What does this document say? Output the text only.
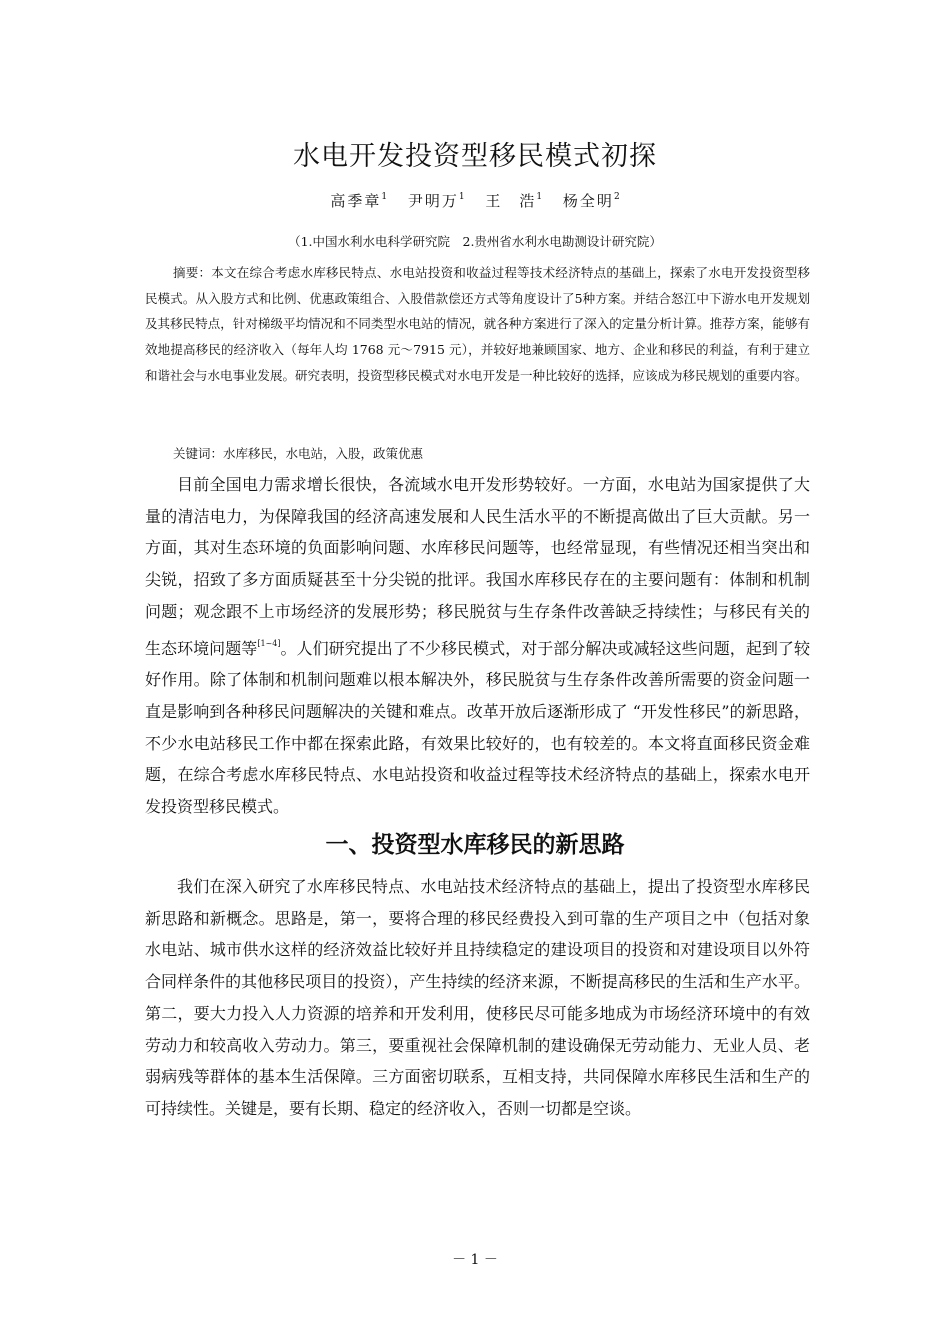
水电开发投资型移民模式初探
高季章$^1$ 尹明万$^1$ 王　浩$^1$ 杨全明$^2$
（1.中国水利水电科学研究院　2.贵州省水利水电勘测设计研究院）

摘要：本文在综合考虑水库移民特点、水电站投资和收益过程等技术经济特点的基础上，探索了水电开发投资型移民模式。从入股方式和比例、优惠政策组合、入股借款偿还方式等角度设计了5种方案。并结合怒江中下游水电开发规划及其移民特点，针对梯级平均情况和不同类型水电站的情况，就各种方案进行了深入的定量分析计算。推荐方案，能够有效地提高移民的经济收入（每年人均 1768 元～7915 元），并较好地兼顾国家、地方、企业和移民的利益，有利于建立和谐社会与水电事业发展。研究表明，投资型移民模式对水电开发是一种比较好的选择，应该成为移民规划的重要内容。

关键词：水库移民，水电站，入股，政策优惠

目前全国电力需求增长很快，各流域水电开发形势较好。一方面，水电站为国家提供了大量的清洁电力，为保障我国的经济高速发展和人民生活水平的不断提高做出了巨大贡献。另一方面，其对生态环境的负面影响问题、水库移民问题等，也经常显现，有些情况还相当突出和尖锐，招致了多方面质疑甚至十分尖锐的批评。我国水库移民存在的主要问题有：体制和机制问题；观念跟不上市场经济的发展形势；移民脱贫与生存条件改善缺乏持续性；与移民有关的生态环境问题等[1~4]。人们研究提出了不少移民模式，对于部分解决或减轻这些问题，起到了较好作用。除了体制和机制问题难以根本解决外，移民脱贫与生存条件改善所需要的资金问题一直是影响到各种移民问题解决的关键和难点。改革开放后逐渐形成了 “开发性移民”的新思路，不少水电站移民工作中都在探索此路，有效果比较好的，也有较差的。本文将直面移民资金难题，在综合考虑水库移民特点、水电站投资和收益过程等技术经济特点的基础上，探索水电开发投资型移民模式。

一、投资型水库移民的新思路

我们在深入研究了水库移民特点、水电站技术经济特点的基础上，提出了投资型水库移民新思路和新概念。思路是，第一，要将合理的移民经费投入到可靠的生产项目之中（包括对象水电站、城市供水这样的经济效益比较好并且持续稳定的建设项目的投资和对建设项目以外符合同样条件的其他移民项目的投资），产生持续的经济来源，不断提高移民的生活和生产水平。第二，要大力投入人力资源的培养和开发利用，使移民尽可能多地成为市场经济环境中的有效劳动力和较高收入劳动力。第三，要重视社会保障机制的建设确保无劳动能力、无业人员、老弱病残等群体的基本生活保障。三方面密切联系，互相支持，共同保障水库移民生活和生产的可持续性。关键是，要有长期、稳定的经济收入，否则一切都是空谈。

－ 1 －
